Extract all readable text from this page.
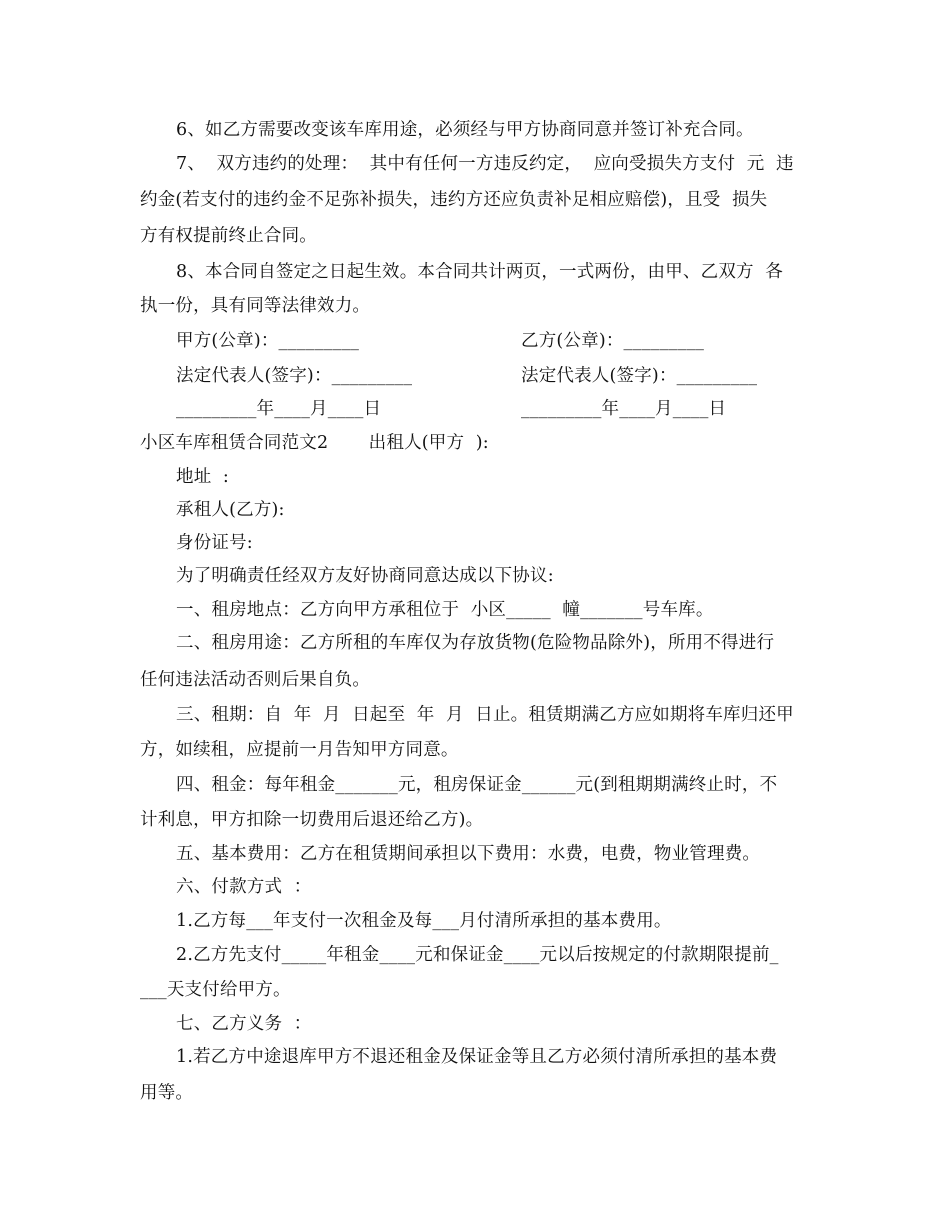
6、如乙方需要改变该车库用途，必须经与甲方协商同意并签订补充合同。
7、  双方违约的处理：  其中有任何一方违反约定，  应向受损失方支付  元  违
约金(若支付的违约金不足弥补损失，违约方还应负责补足相应赔偿)，且受  损失
方有权提前终止合同。
8、本合同自签定之日起生效。本合同共计两页，一式两份，由甲、乙双方  各
执一份，具有同等法律效力。
甲方(公章)：_________	乙方(公章)：_________
法定代表人(签字)：_________	法定代表人(签字)：_________
_________年____月____日	_________年____月____日
小区车库租赁合同范文2       出租人(甲方  ):
地址  :
承租人(乙方):
身份证号:
为了明确责任经双方友好协商同意达成以下协议:
一、租房地点：乙方向甲方承租位于  小区_____  幢_______号车库。
二、租房用途：乙方所租的车库仅为存放货物(危险物品除外)，所用不得进行
任何违法活动否则后果自负。
三、租期：自  年  月  日起至  年  月  日止。租赁期满乙方应如期将车库归还甲
方，如续租，应提前一月告知甲方同意。
四、租金：每年租金_______元，租房保证金______元(到租期期满终止时，不
计利息，甲方扣除一切费用后退还给乙方)。
五、基本费用：乙方在租赁期间承担以下费用：水费，电费，物业管理费。
六、付款方式  ：
1.乙方每___年支付一次租金及每___月付清所承担的基本费用。
2.乙方先支付_____年租金____元和保证金____元以后按规定的付款期限提前_
___天支付给甲方。
七、乙方义务  ：
1.若乙方中途退库甲方不退还租金及保证金等且乙方必须付清所承担的基本费
用等。
